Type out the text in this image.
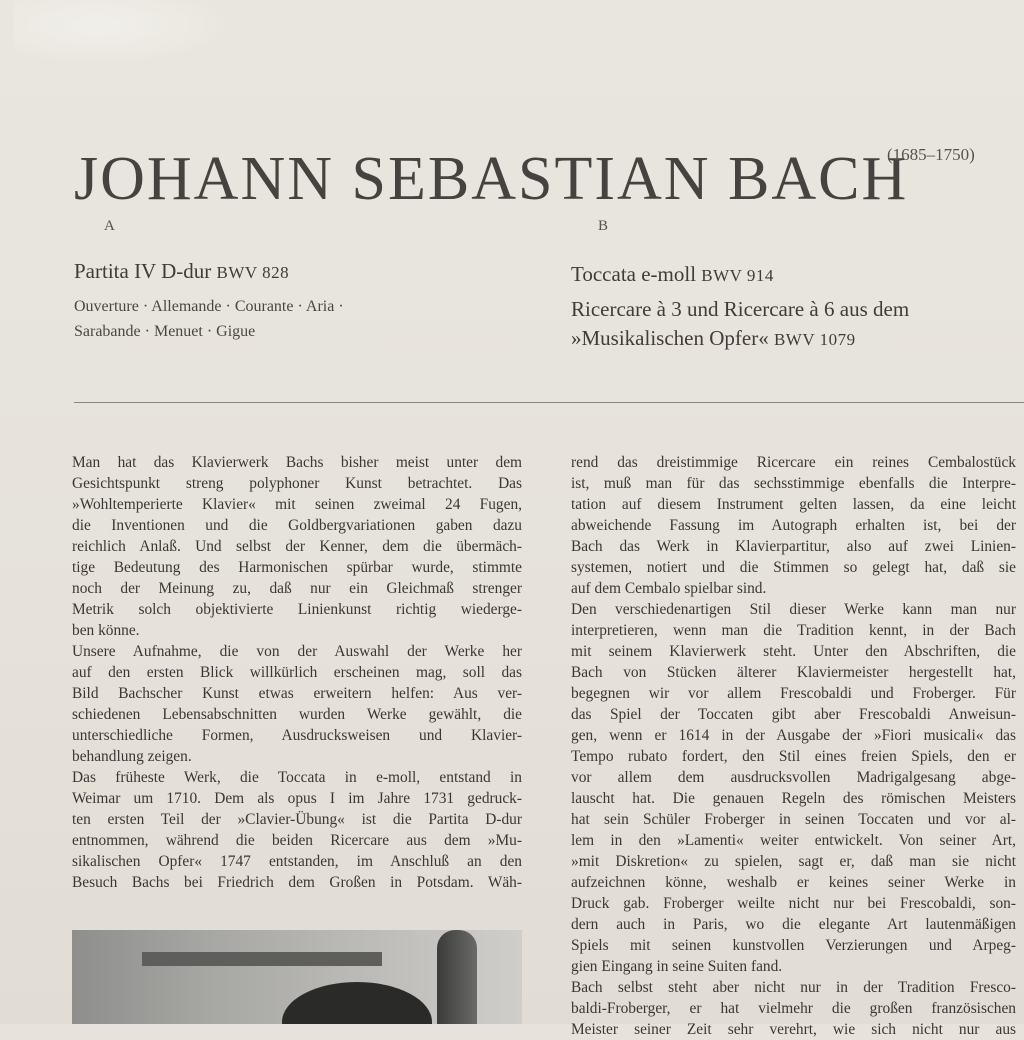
JOHANN SEBASTIAN BACH
(1685–1750)
A	B
Partita IV D-dur BWV 828
Ouverture · Allemande · Courante · Aria ·
Sarabande · Menuet · Gigue
Toccata e-moll BWV 914
Ricercare à 3 und Ricercare à 6 aus dem
»Musikalischen Opfer« BWV 1079
Man hat das Klavierwerk Bachs bisher meist unter dem
Gesichtspunkt streng polyphoner Kunst betrachtet. Das
»Wohltemperierte Klavier« mit seinen zweimal 24 Fugen,
die Inventionen und die Goldbergvariationen gaben dazu
reichlich Anlaß. Und selbst der Kenner, dem die übermäch-
tige Bedeutung des Harmonischen spürbar wurde, stimmte
noch der Meinung zu, daß nur ein Gleichmaß strenger
Metrik solch objektivierte Linienkunst richtig wiederge-
ben könne.
Unsere Aufnahme, die von der Auswahl der Werke her
auf den ersten Blick willkürlich erscheinen mag, soll das
Bild Bachscher Kunst etwas erweitern helfen: Aus ver-
schiedenen Lebensabschnitten wurden Werke gewählt, die
unterschiedliche Formen, Ausdrucksweisen und Klavier-
behandlung zeigen.
Das früheste Werk, die Toccata in e-moll, entstand in
Weimar um 1710. Dem als opus I im Jahre 1731 gedruck-
ten ersten Teil der »Clavier-Übung« ist die Partita D-dur
entnommen, während die beiden Ricercare aus dem »Mu-
sikalischen Opfer« 1747 entstanden, im Anschluß an den
Besuch Bachs bei Friedrich dem Großen in Potsdam. Wäh-
rend das dreistimmige Ricercare ein reines Cembalostück
ist, muß man für das sechsstimmige ebenfalls die Interpre-
tation auf diesem Instrument gelten lassen, da eine leicht
abweichende Fassung im Autograph erhalten ist, bei der
Bach das Werk in Klavierpartitur, also auf zwei Linien-
systemen, notiert und die Stimmen so gelegt hat, daß sie
auf dem Cembalo spielbar sind.
Den verschiedenartigen Stil dieser Werke kann man nur
interpretieren, wenn man die Tradition kennt, in der Bach
mit seinem Klavierwerk steht. Unter den Abschriften, die
Bach von Stücken älterer Klaviermeister hergestellt hat,
begegnen wir vor allem Frescobaldi und Froberger. Für
das Spiel der Toccaten gibt aber Frescobaldi Anweisun-
gen, wenn er 1614 in der Ausgabe der »Fiori musicali« das
Tempo rubato fordert, den Stil eines freien Spiels, den er
vor allem dem ausdrucksvollen Madrigalgesang abge-
lauscht hat. Die genauen Regeln des römischen Meisters
hat sein Schüler Froberger in seinen Toccaten und vor al-
lem in den »Lamenti« weiter entwickelt. Von seiner Art,
»mit Diskretion« zu spielen, sagt er, daß man sie nicht
aufzeichnen könne, weshalb er keines seiner Werke in
Druck gab. Froberger weilte nicht nur bei Frescobaldi, son-
dern auch in Paris, wo die elegante Art lautenmäßigen
Spiels mit seinen kunstvollen Verzierungen und Arpeg-
gien Eingang in seine Suiten fand.
Bach selbst steht aber nicht nur in der Tradition Fresco-
baldi-Froberger, er hat vielmehr die großen französischen
Meister seiner Zeit sehr verehrt, wie sich nicht nur aus
